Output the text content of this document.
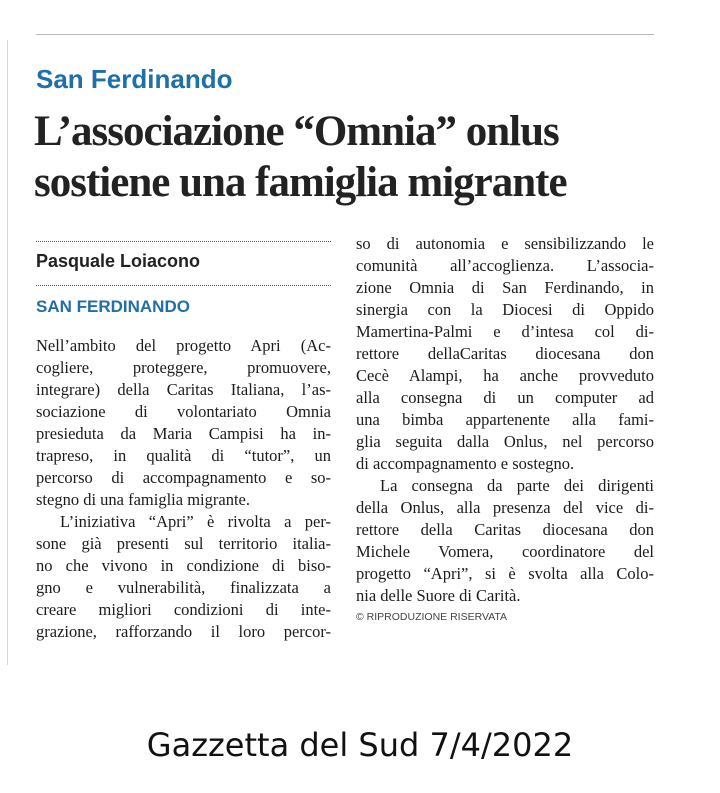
San Ferdinando
L’associazione “Omnia” onlus
sostiene una famiglia migrante
Pasquale Loiacono
SAN FERDINANDO
Nell’ambito del progetto Apri (Ac-
cogliere, proteggere, promuovere,
integrare) della Caritas Italiana, l’as-
sociazione di volontariato Omnia
presieduta da Maria Campisi ha in-
trapreso, in qualità di “tutor”, un
percorso di accompagnamento e so-
stegno di una famiglia migrante.
L’iniziativa “Apri” è rivolta a per-
sone già presenti sul territorio italia-
no che vivono in condizione di biso-
gno e vulnerabilità, finalizzata a
creare migliori condizioni di inte-
grazione, rafforzando il loro percor-
so di autonomia e sensibilizzando le
comunità all’accoglienza. L’associa-
zione Omnia di San Ferdinando, in
sinergia con la Diocesi di Oppido
Mamertina-Palmi e d’intesa col di-
rettore dellaCaritas diocesana don
Cecè Alampi, ha anche provveduto
alla consegna di un computer ad
una bimba appartenente alla fami-
glia seguita dalla Onlus, nel percorso
di accompagnamento e sostegno.
La consegna da parte dei dirigenti
della Onlus, alla presenza del vice di-
rettore della Caritas diocesana don
Michele Vomera, coordinatore del
progetto “Apri”, si è svolta alla Colo-
nia delle Suore di Carità.
© RIPRODUZIONE RISERVATA
Gazzetta del Sud 7/4/2022
